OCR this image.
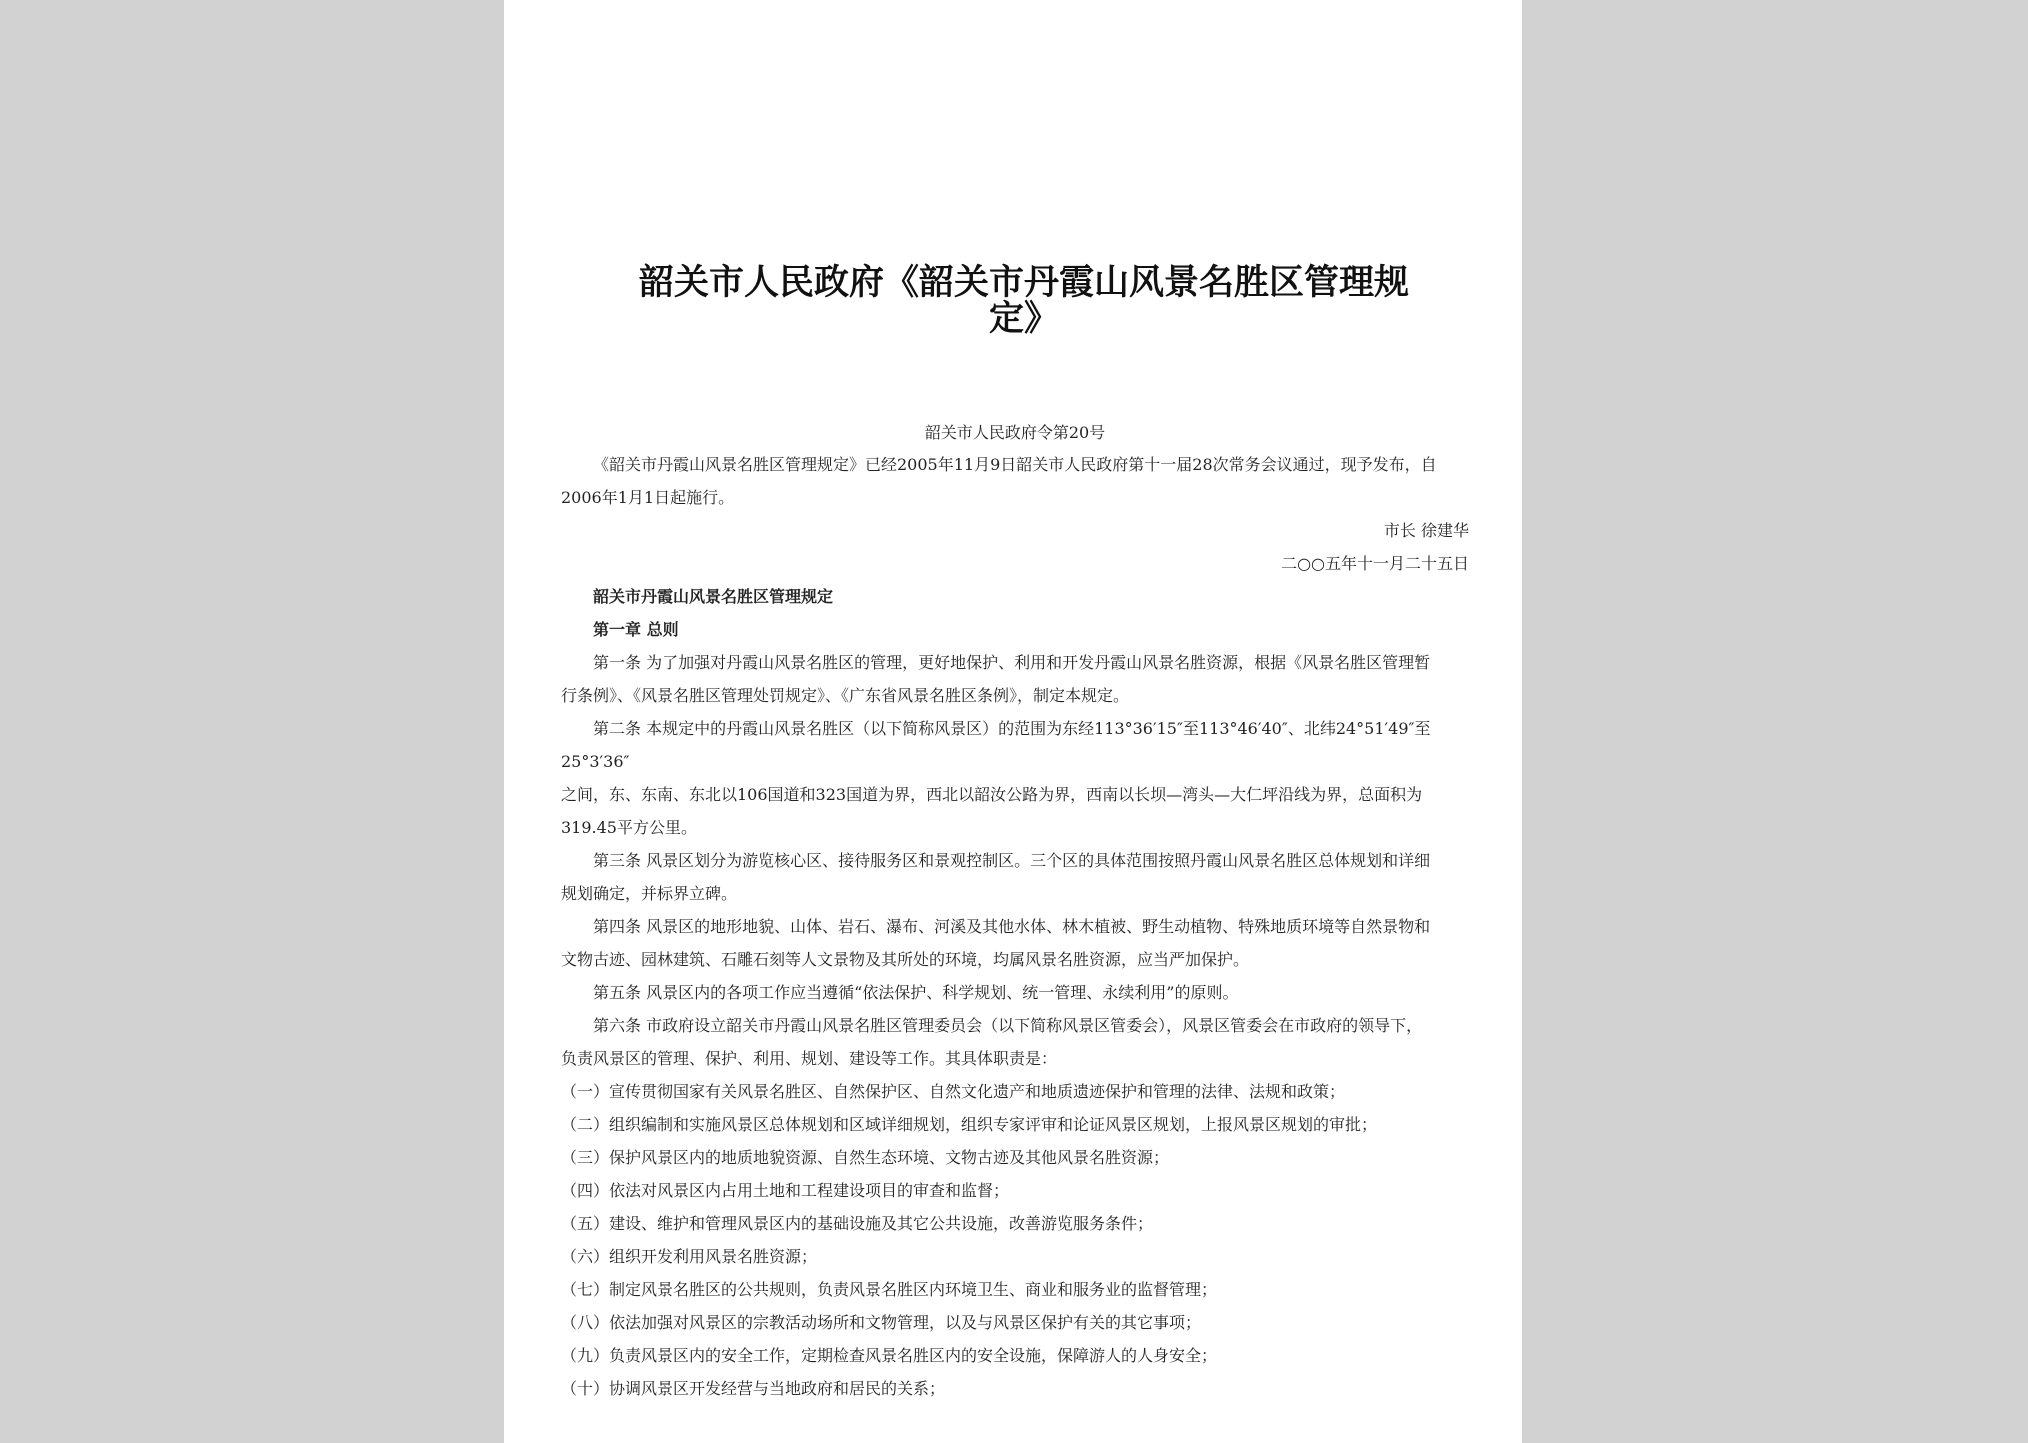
韶关市人民政府《韶关市丹霞山风景名胜区管理规
定》

韶关市人民政府令第20号

《韶关市丹霞山风景名胜区管理规定》已经2005年11月9日韶关市人民政府第十一届28次常务会议通过，现予发布，自

2006年1月1日起施行。

市长 徐建华

二○○五年十一月二十五日

韶关市丹霞山风景名胜区管理规定

第一章 总则

第一条 为了加强对丹霞山风景名胜区的管理，更好地保护、利用和开发丹霞山风景名胜资源，根据《风景名胜区管理暂

行条例》、《风景名胜区管理处罚规定》、《广东省风景名胜区条例》，制定本规定。

第二条 本规定中的丹霞山风景名胜区（以下简称风景区）的范围为东经113°36′15″至113°46′40″、北纬24°51′49″至25°3′36″

之间，东、东南、东北以106国道和323国道为界，西北以韶汝公路为界，西南以长坝—湾头—大仁坪沿线为界，总面积为

319.45平方公里。

第三条 风景区划分为游览核心区、接待服务区和景观控制区。三个区的具体范围按照丹霞山风景名胜区总体规划和详细

规划确定，并标界立碑。

第四条 风景区的地形地貌、山体、岩石、瀑布、河溪及其他水体、林木植被、野生动植物、特殊地质环境等自然景物和

文物古迹、园林建筑、石雕石刻等人文景物及其所处的环境，均属风景名胜资源，应当严加保护。

第五条 风景区内的各项工作应当遵循“依法保护、科学规划、统一管理、永续利用”的原则。

第六条 市政府设立韶关市丹霞山风景名胜区管理委员会（以下简称风景区管委会），风景区管委会在市政府的领导下，

负责风景区的管理、保护、利用、规划、建设等工作。其具体职责是：

（一）宣传贯彻国家有关风景名胜区、自然保护区、自然文化遗产和地质遗迹保护和管理的法律、法规和政策；

（二）组织编制和实施风景区总体规划和区域详细规划，组织专家评审和论证风景区规划，上报风景区规划的审批；

（三）保护风景区内的地质地貌资源、自然生态环境、文物古迹及其他风景名胜资源；

（四）依法对风景区内占用土地和工程建设项目的审查和监督；

（五）建设、维护和管理风景区内的基础设施及其它公共设施，改善游览服务条件；

（六）组织开发利用风景名胜资源；

（七）制定风景名胜区的公共规则，负责风景名胜区内环境卫生、商业和服务业的监督管理；

（八）依法加强对风景区的宗教活动场所和文物管理，以及与风景区保护有关的其它事项；

（九）负责风景区内的安全工作，定期检查风景名胜区内的安全设施，保障游人的人身安全；

（十）协调风景区开发经营与当地政府和居民的关系；
